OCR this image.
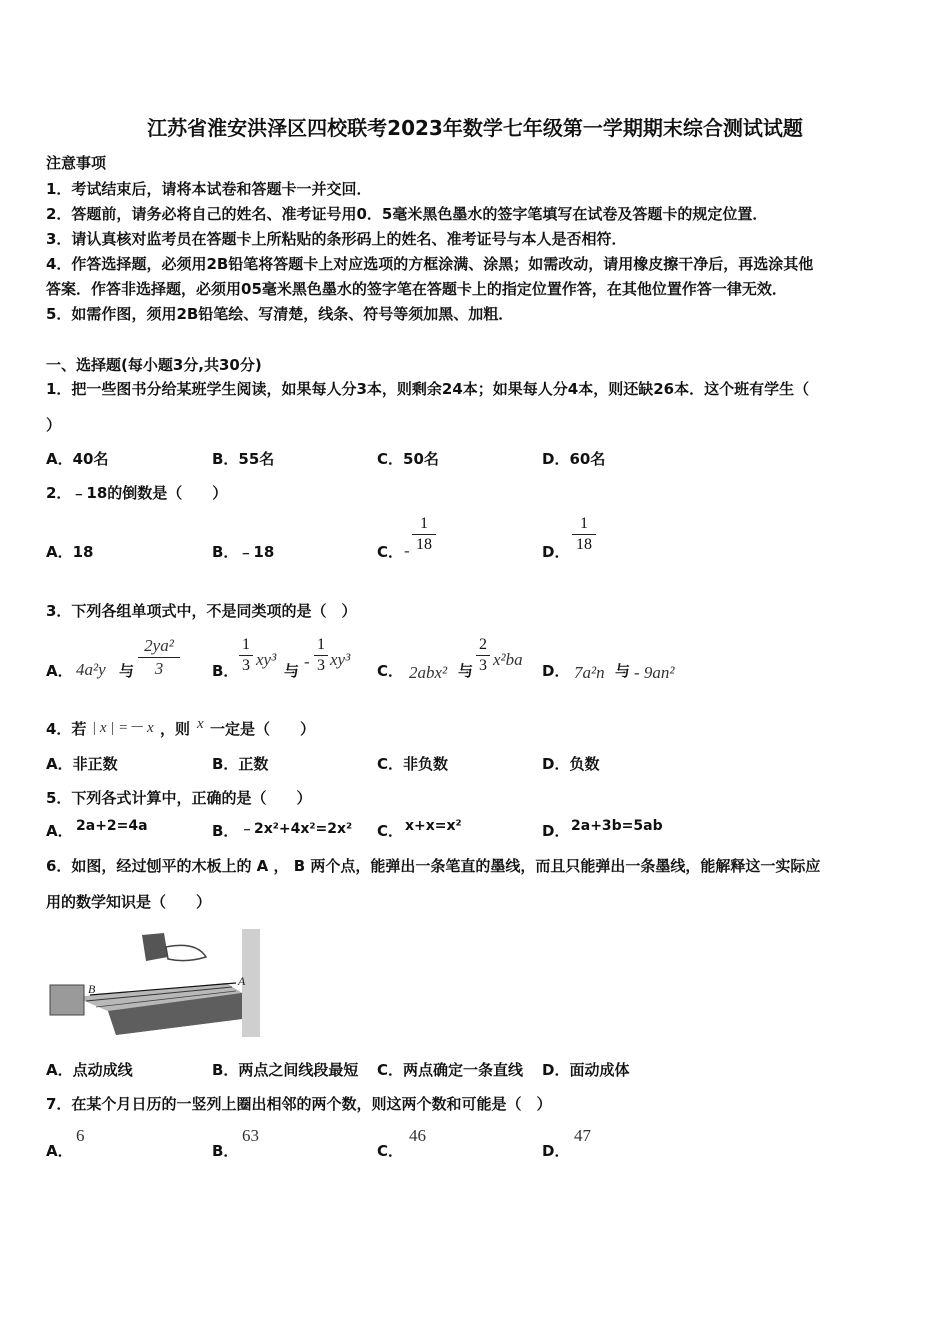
江苏省淮安洪泽区四校联考2023年数学七年级第一学期期末综合测试试题
注意事项
1．考试结束后，请将本试卷和答题卡一并交回．
2．答题前，请务必将自己的姓名、准考证号用0．5毫米黑色墨水的签字笔填写在试卷及答题卡的规定位置．
3．请认真核对监考员在答题卡上所粘贴的条形码上的姓名、准考证号与本人是否相符．
4．作答选择题，必须用2B铅笔将答题卡上对应选项的方框涂满、涂黑；如需改动，请用橡皮擦干净后，再选涂其他
答案．作答非选择题，必须用05毫米黑色墨水的签字笔在答题卡上的指定位置作答，在其他位置作答一律无效．
5．如需作图，须用2B铅笔绘、写清楚，线条、符号等须加黑、加粗．
一、选择题(每小题3分,共30分)
1．把一些图书分给某班学生阅读，如果每人分3本，则剩余24本；如果每人分4本，则还缺26本．这个班有学生（
）
A．40名	B．55名	C．50名	D．60名
2．﹣18的倒数是（　　）
A．18	B．﹣18	C． -
1
18	D．
1
18
3．下列各组单项式中，不是同类项的是（　）
A． 4a²y 与
2ya²
3	B．
1
3 xy³
与 -
1
3 xy³
C． 2abx² 与
2
3 x²ba
D． 7a²n 与 - 9an²
4．若 | x | =－ x ，则 x 一定是（　　）
A．非正数	B．正数	C．非负数	D．负数
5．下列各式计算中，正确的是（　　）
A． 2a+2=4a	B． ﹣2x²+4x²=2x² C． x+x=x²	D． 2a+3b=5ab
6．如图，经过刨平的木板上的 A ， B 两个点，能弹出一条笔直的墨线，而且只能弹出一条墨线，能解释这一实际应
用的数学知识是（　　）
B
A
A．点动成线	B．两点之间线段最短 C．两点确定一条直线 D．面动成体
7．在某个月日历的一竖列上圈出相邻的两个数，则这两个数和可能是（　）
A．
6
B．
63
C．
46
D．
47
